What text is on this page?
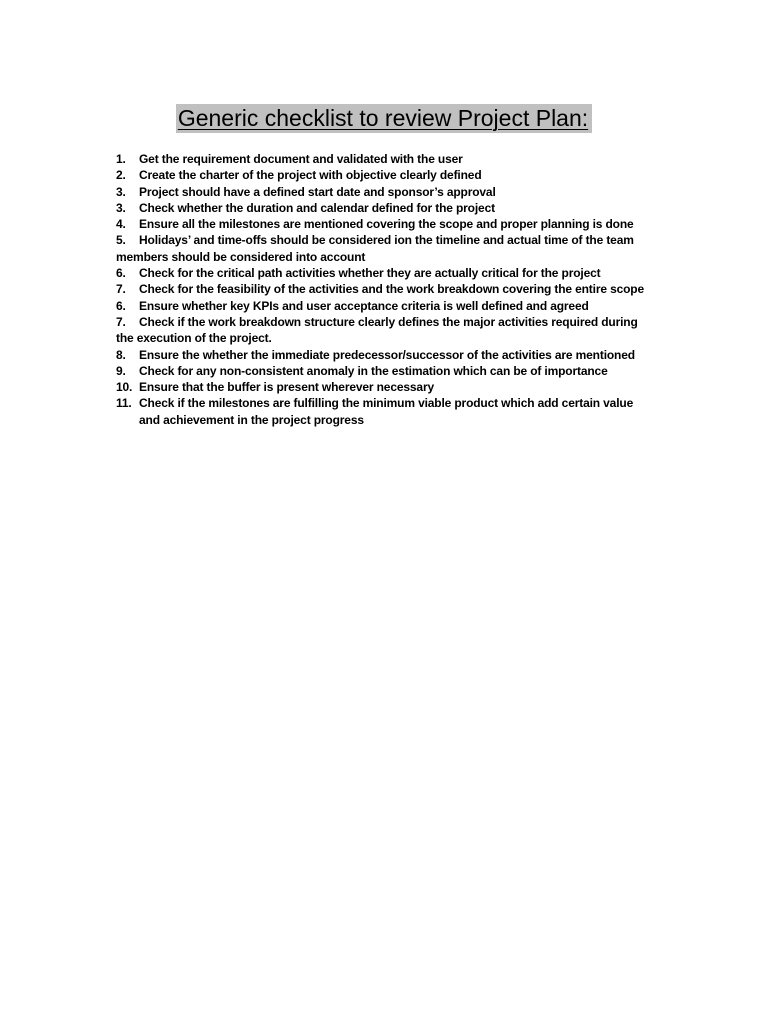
Generic checklist to review Project Plan:
1. Get the requirement document and validated with the user
2. Create the charter of the project with objective clearly defined
3. Project should have a defined start date and sponsor’s approval
3. Check whether the duration and calendar defined for the project
4. Ensure all the milestones are mentioned covering the scope and proper planning is done
5. Holidays’ and time-offs should be considered ion the timeline and actual time of the team
members should be considered into account
6. Check for the critical path activities whether they are actually critical for the project
7. Check for the feasibility of the activities and the work breakdown covering the entire scope
6. Ensure whether key KPIs and user acceptance criteria is well defined and agreed
7. Check if the work breakdown structure clearly defines the major activities required during
the execution of the project.
8. Ensure the whether the immediate predecessor/successor of the activities are mentioned
9. Check for any non-consistent anomaly in the estimation which can be of importance
10. Ensure that the buffer is present wherever necessary
11. Check if the milestones are fulfilling the minimum viable product which add certain value
and achievement in the project progress
